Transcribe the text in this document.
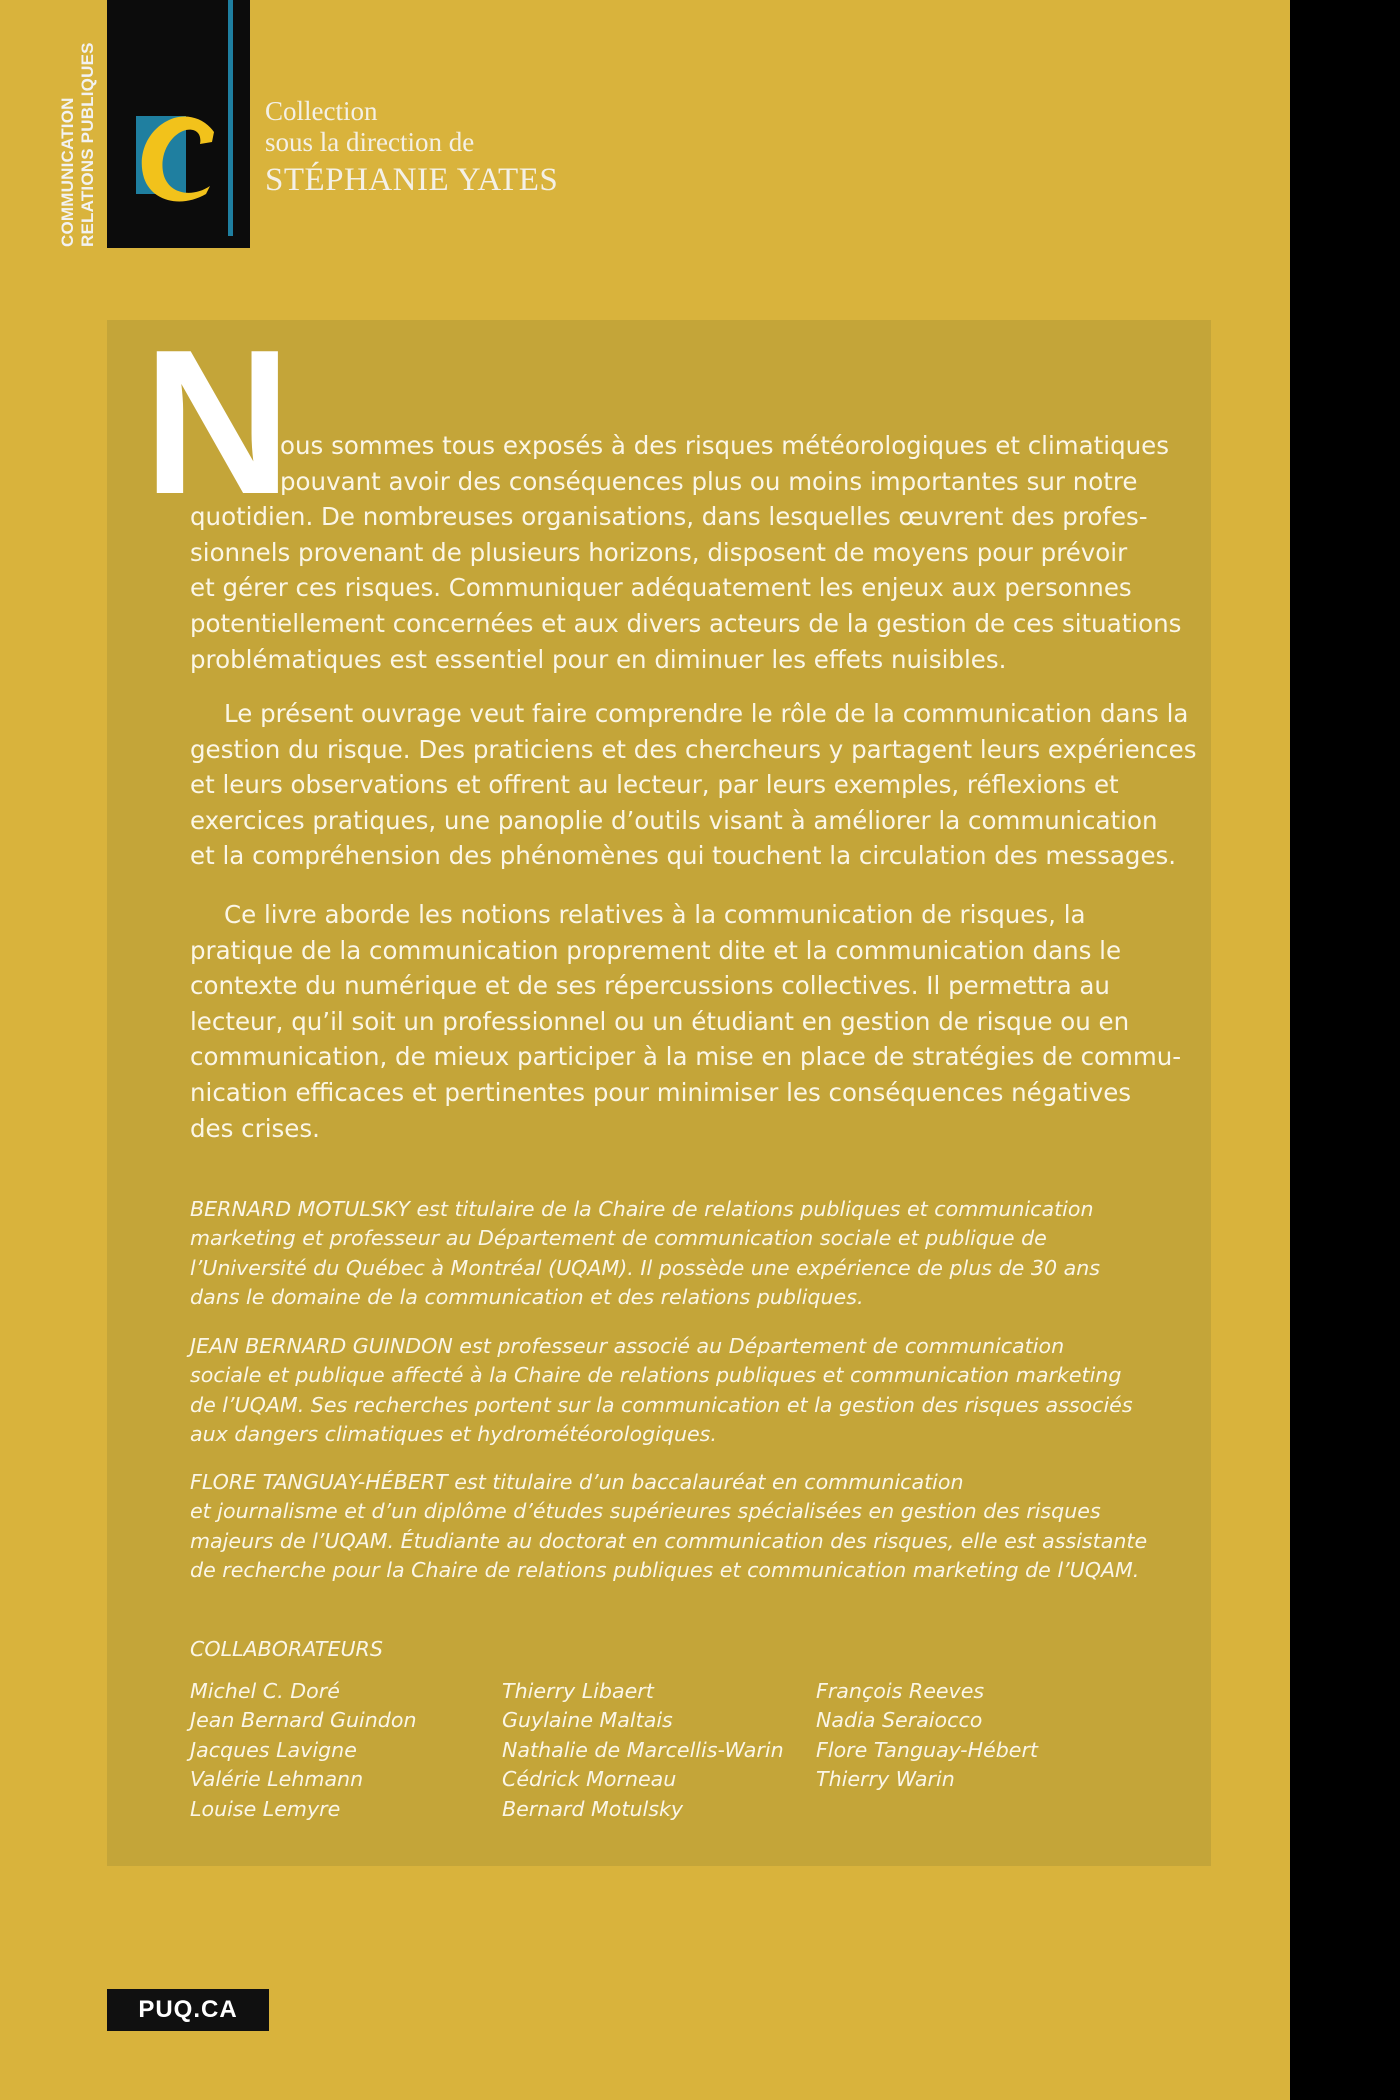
COMMUNICATION RELATIONS PUBLIQUES	Collection
sous la direction de
STÉPHANIE YATES
N
ous sommes tous exposés à des risques météorologiques et climatiques
pouvant avoir des conséquences plus ou moins importantes sur notre
quotidien. De nombreuses organisations, dans lesquelles œuvrent des profes-
sionnels provenant de plusieurs horizons, disposent de moyens pour prévoir
et gérer ces risques. Communiquer adéquatement les enjeux aux personnes
potentiellement concernées et aux divers acteurs de la gestion de ces situations
problématiques est essentiel pour en diminuer les effets nuisibles.
Le présent ouvrage veut faire comprendre le rôle de la communication dans la
gestion du risque. Des praticiens et des chercheurs y partagent leurs expériences
et leurs observations et offrent au lecteur, par leurs exemples, réflexions et
exercices pratiques, une panoplie d’outils visant à améliorer la communication
et la compréhension des phénomènes qui touchent la circulation des messages.
Ce livre aborde les notions relatives à la communication de risques, la
pratique de la communication proprement dite et la communication dans le
contexte du numérique et de ses répercussions collectives. Il permettra au
lecteur, qu’il soit un professionnel ou un étudiant en gestion de risque ou en
communication, de mieux participer à la mise en place de stratégies de commu-
nication efficaces et pertinentes pour minimiser les conséquences négatives
des crises.
BERNARD MOTULSKY est titulaire de la Chaire de relations publiques et communication
marketing et professeur au Département de communication sociale et publique de
l’Université du Québec à Montréal (UQAM). Il possède une expérience de plus de 30 ans
dans le domaine de la communication et des relations publiques.
JEAN BERNARD GUINDON est professeur associé au Département de communication
sociale et publique affecté à la Chaire de relations publiques et communication marketing
de l’UQAM. Ses recherches portent sur la communication et la gestion des risques associés
aux dangers climatiques et hydrométéorologiques.
FLORE TANGUAY-HÉBERT est titulaire d’un baccalauréat en communication
et journalisme et d’un diplôme d’études supérieures spécialisées en gestion des risques
majeurs de l’UQAM. Étudiante au doctorat en communication des risques, elle est assistante
de recherche pour la Chaire de relations publiques et communication marketing de l’UQAM.
COLLABORATEURS
Michel C. Doré
Jean Bernard Guindon
Jacques Lavigne
Valérie Lehmann
Louise Lemyre
Thierry Libaert
Guylaine Maltais
Nathalie de Marcellis-Warin
Cédrick Morneau
Bernard Motulsky
François Reeves
Nadia Seraiocco
Flore Tanguay-Hébert
Thierry Warin
PUQ.CA
